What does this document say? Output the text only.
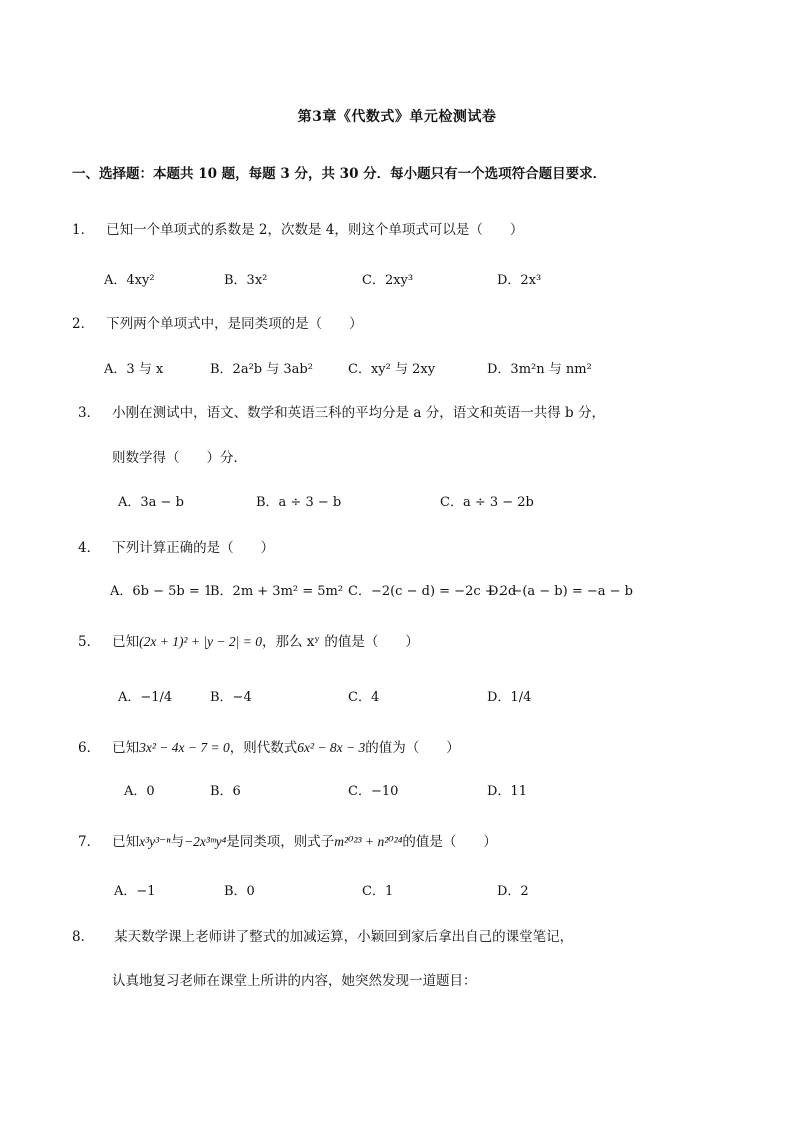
第3章《代数式》单元检测试卷
一、选择题：本题共 10 题，每题 3 分，共 30 分．每小题只有一个选项符合题目要求．
1． 已知一个单项式的系数是 2，次数是 4，则这个单项式可以是（　　）
A．4xy²	B．3x²	C．2xy³	D．2x³
2． 下列两个单项式中，是同类项的是（　　）
A．3 与 x	B．2a²b 与 3ab²	C．xy² 与 2xy	D．3m²n 与 nm²
3． 小刚在测试中，语文、数学和英语三科的平均分是 a 分，语文和英语一共得 b 分，
则数学得（　　）分．
A．3a − b	B．a ÷ 3 − b	C．a ÷ 3 − 2b
4． 下列计算正确的是（　　）
A．6b − 5b = 1
B．2m + 3m² = 5m² C．−2(c − d) = −2c + 2d
D．−(a − b) = −a − b
5． 已知(2x + 1)² + |y − 2| = 0，那么 xʸ 的值是（　　）
A．−1/4	B．−4	C．4	D．1/4
6． 已知3x² − 4x − 7 = 0，则代数式6x² − 8x − 3的值为（　　）
A．0	B．6	C．−10	D．11
7． 已知x³y³⁻ⁿ与−2x³ᵐy⁴是同类项，则式子m²⁰²³ + n²⁰²⁴的值是（　　）
A．−1	B．0	C．1	D．2
8． 某天数学课上老师讲了整式的加减运算，小颖回到家后拿出自己的课堂笔记，
认真地复习老师在课堂上所讲的内容，她突然发现一道题目：
